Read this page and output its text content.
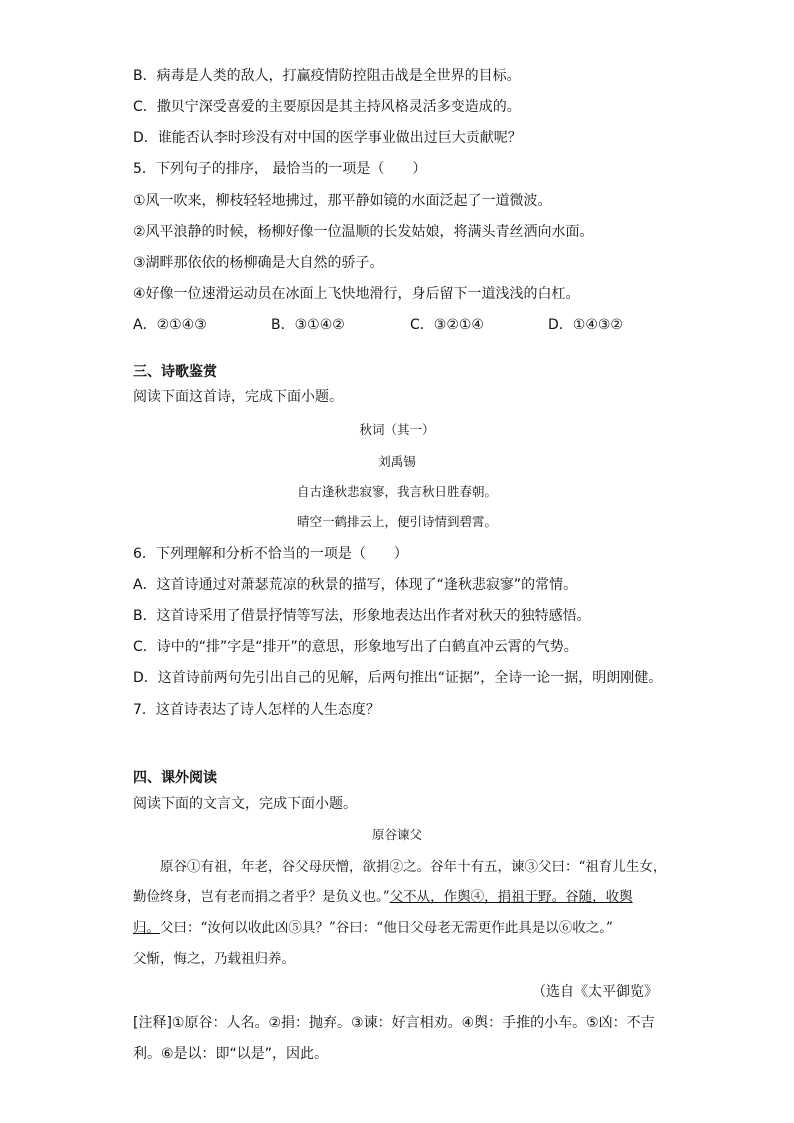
B．病毒是人类的敌人，打赢疫情防控阻击战是全世界的目标。
C．撒贝宁深受喜爱的主要原因是其主持风格灵活多变造成的。
D．谁能否认李时珍没有对中国的医学事业做出过巨大贡献呢？
5．下列句子的排序， 最恰当的一项是（　　）
①风一吹来，柳枝轻轻地拂过，那平静如镜的水面泛起了一道微波。
②风平浪静的时候，杨柳好像一位温顺的长发姑娘，将满头青丝洒向水面。
③湖畔那依依的杨柳确是大自然的骄子。
④好像一位速滑运动员在冰面上飞快地滑行，身后留下一道浅浅的白杠。
A．②①④③	B．③①④②	C．③②①④	D．①④③②
三、诗歌鉴赏
阅读下面这首诗，完成下面小题。
秋词（其一）
刘禹锡
自古逢秋悲寂寥，我言秋日胜春朝。
晴空一鹤排云上，便引诗情到碧霄。
6．下列理解和分析不恰当的一项是（　　）
A．这首诗通过对萧瑟荒凉的秋景的描写，体现了“逢秋悲寂寥”的常情。
B．这首诗采用了借景抒情等写法，形象地表达出作者对秋天的独特感悟。
C．诗中的“排”字是“排开”的意思，形象地写出了白鹤直冲云霄的气势。
D．这首诗前两句先引出自己的见解，后两句推出“证据”，全诗一论一据，明朗刚健。
7．这首诗表达了诗人怎样的人生态度？
四、课外阅读
阅读下面的文言文，完成下面小题。
原谷谏父
原谷①有祖，年老，谷父母厌憎，欲捐②之。谷年十有五，谏③父曰：“祖育儿生女，
勤俭终身，岂有老而捐之者乎？是负义也。”父不从，作舆④，捐祖于野。谷随，收舆
归。父曰：“汝何以收此凶⑤具？”谷曰：“他日父母老无需更作此具是以⑥收之。”
父惭，悔之，乃载祖归养。
（选自《太平御览》
[注释]①原谷：人名。②捐：抛弃。③谏：好言相劝。④舆：手推的小车。⑤凶：不吉
利。⑥是以：即“以是”，因此。
